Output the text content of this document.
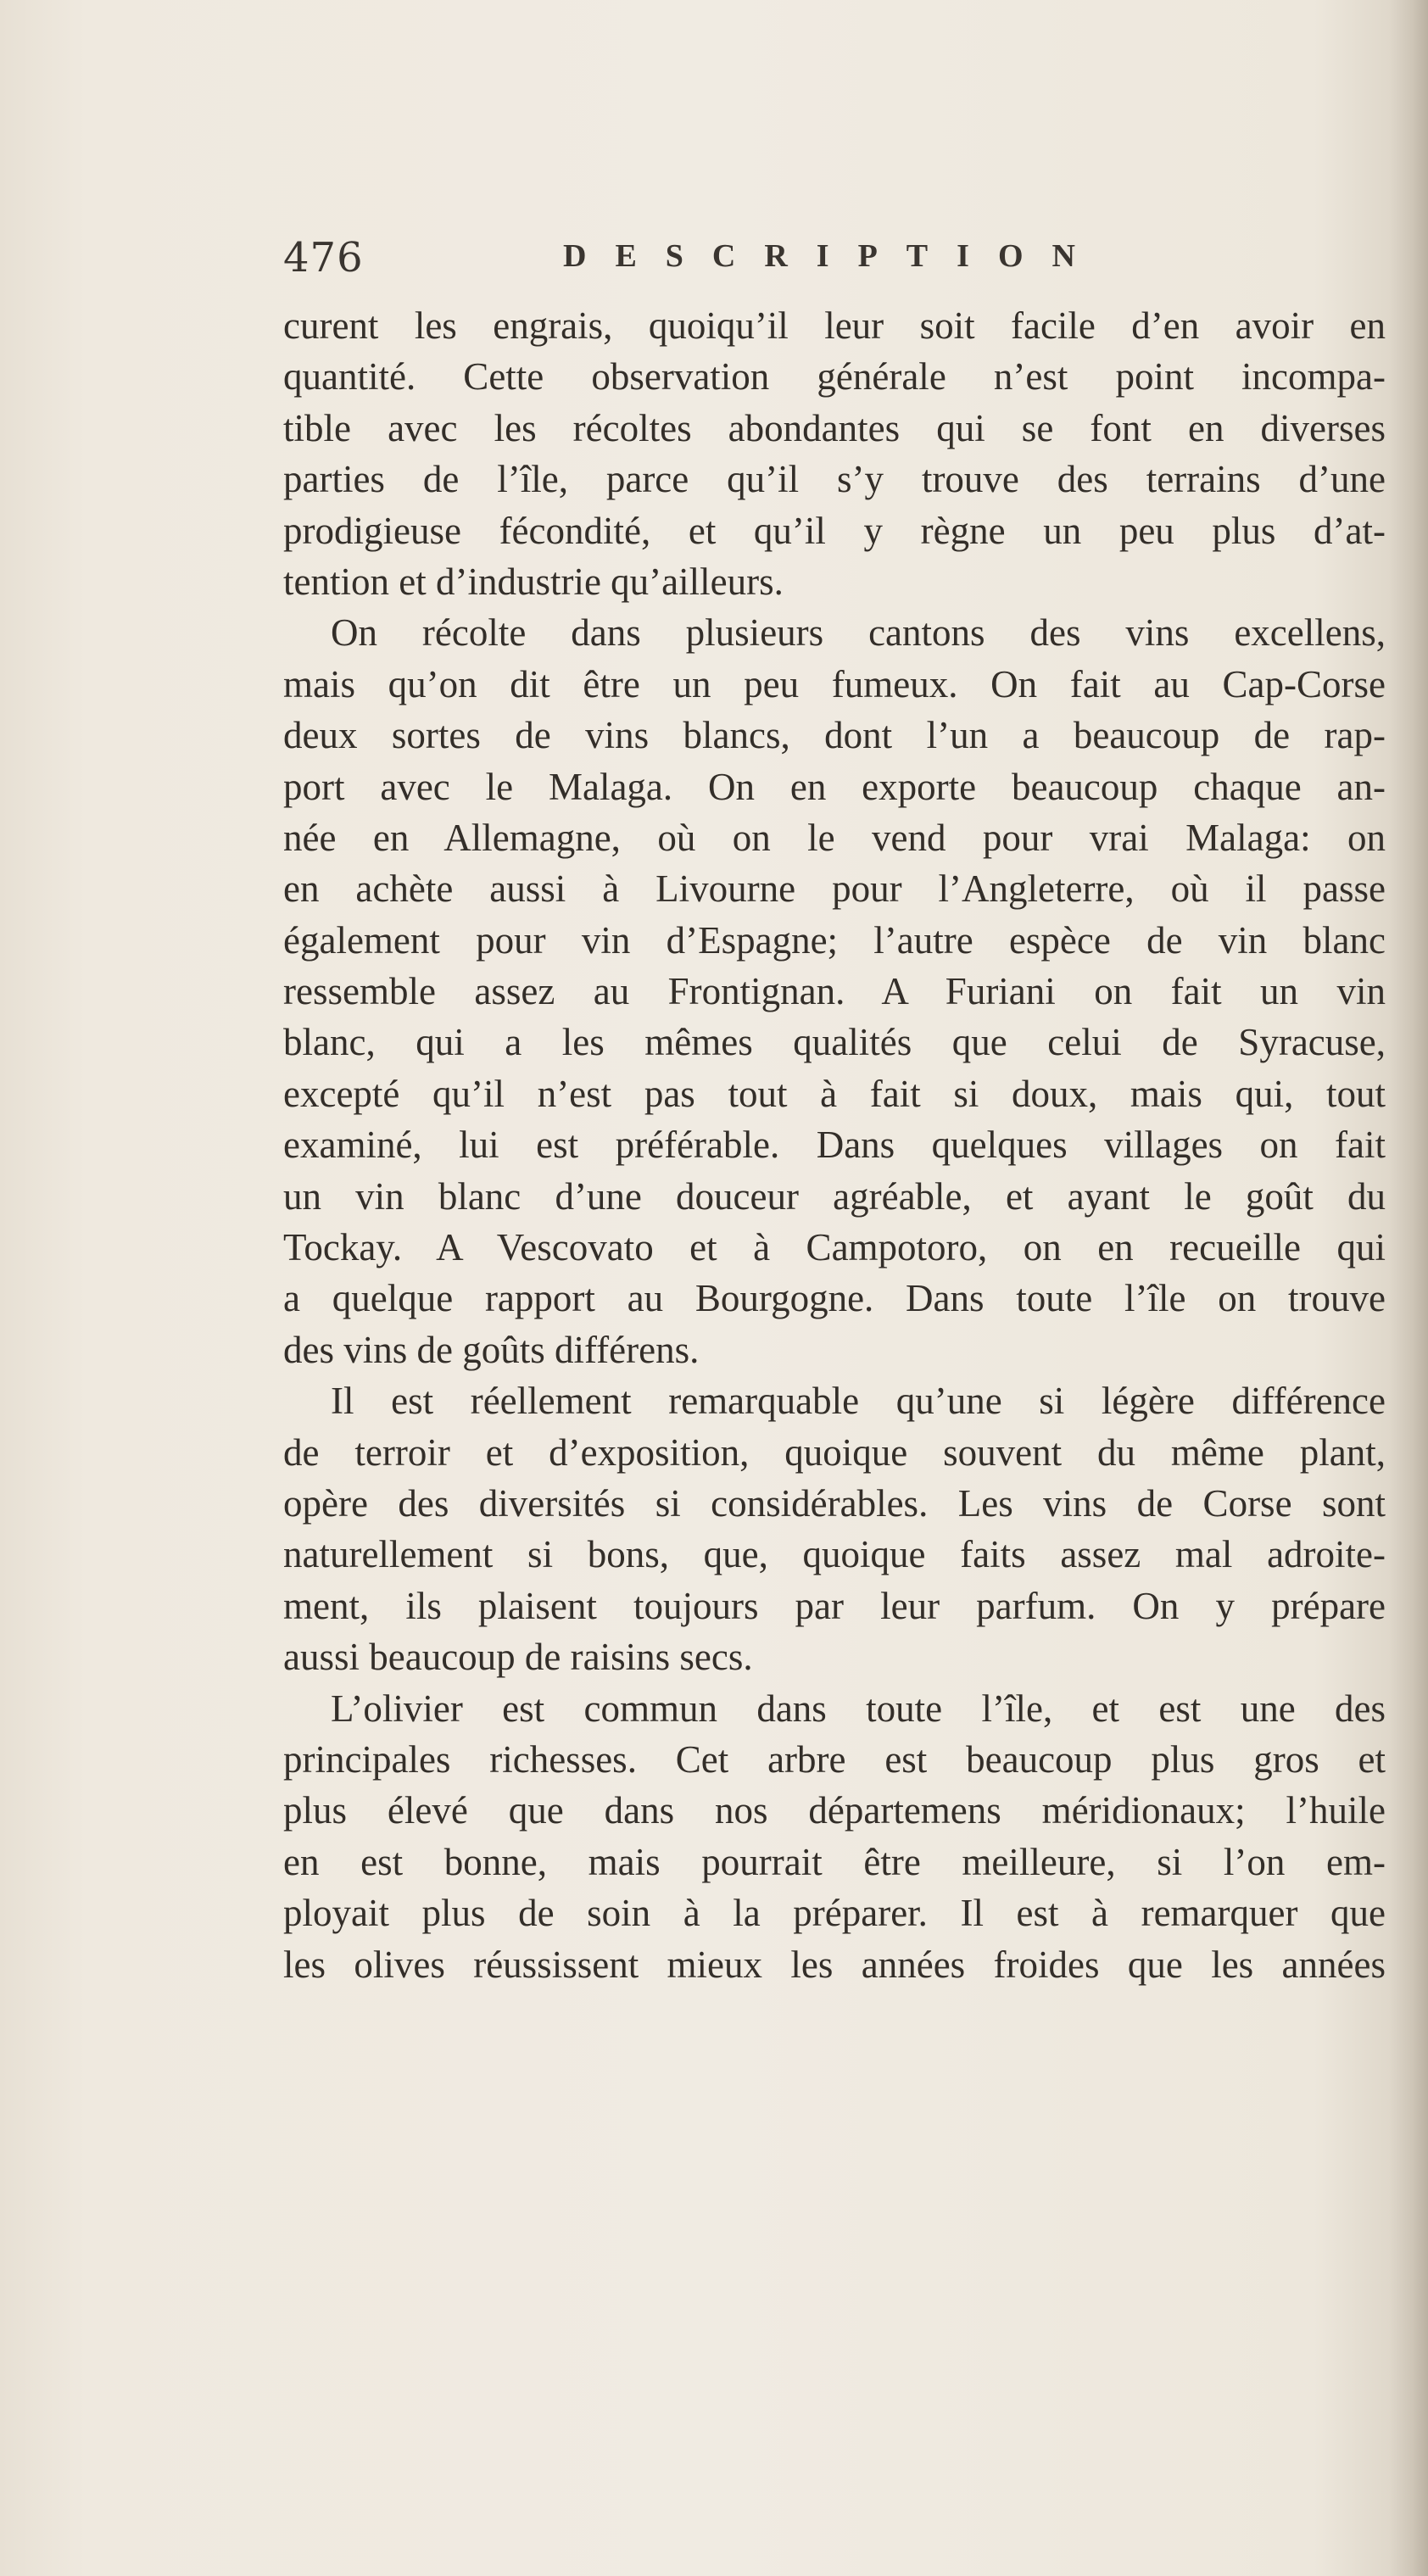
476	DESCRIPTION
curent les engrais, quoiqu’il leur soit facile d’en avoir en
quantité. Cette observation générale n’est point incompa-
tible avec les récoltes abondantes qui se font en diverses
parties de l’île, parce qu’il s’y trouve des terrains d’une
prodigieuse fécondité, et qu’il y règne un peu plus d’at-
tention et d’industrie qu’ailleurs.
On récolte dans plusieurs cantons des vins excellens,
mais qu’on dit être un peu fumeux. On fait au Cap-Corse
deux sortes de vins blancs, dont l’un a beaucoup de rap-
port avec le Malaga. On en exporte beaucoup chaque an-
née en Allemagne, où on le vend pour vrai Malaga: on
en achète aussi à Livourne pour l’Angleterre, où il passe
également pour vin d’Espagne; l’autre espèce de vin blanc
ressemble assez au Frontignan. A Furiani on fait un vin
blanc, qui a les mêmes qualités que celui de Syracuse,
excepté qu’il n’est pas tout à fait si doux, mais qui, tout
examiné, lui est préférable. Dans quelques villages on fait
un vin blanc d’une douceur agréable, et ayant le goût du
Tockay. A Vescovato et à Campotoro, on en recueille qui
a quelque rapport au Bourgogne. Dans toute l’île on trouve
des vins de goûts différens.
Il est réellement remarquable qu’une si légère différence
de terroir et d’exposition, quoique souvent du même plant,
opère des diversités si considérables. Les vins de Corse sont
naturellement si bons, que, quoique faits assez mal adroite-
ment, ils plaisent toujours par leur parfum. On y prépare
aussi beaucoup de raisins secs.
L’olivier est commun dans toute l’île, et est une des
principales richesses. Cet arbre est beaucoup plus gros et
plus élevé que dans nos départemens méridionaux; l’huile
en est bonne, mais pourrait être meilleure, si l’on em-
ployait plus de soin à la préparer. Il est à remarquer que
les olives réussissent mieux les années froides que les années
